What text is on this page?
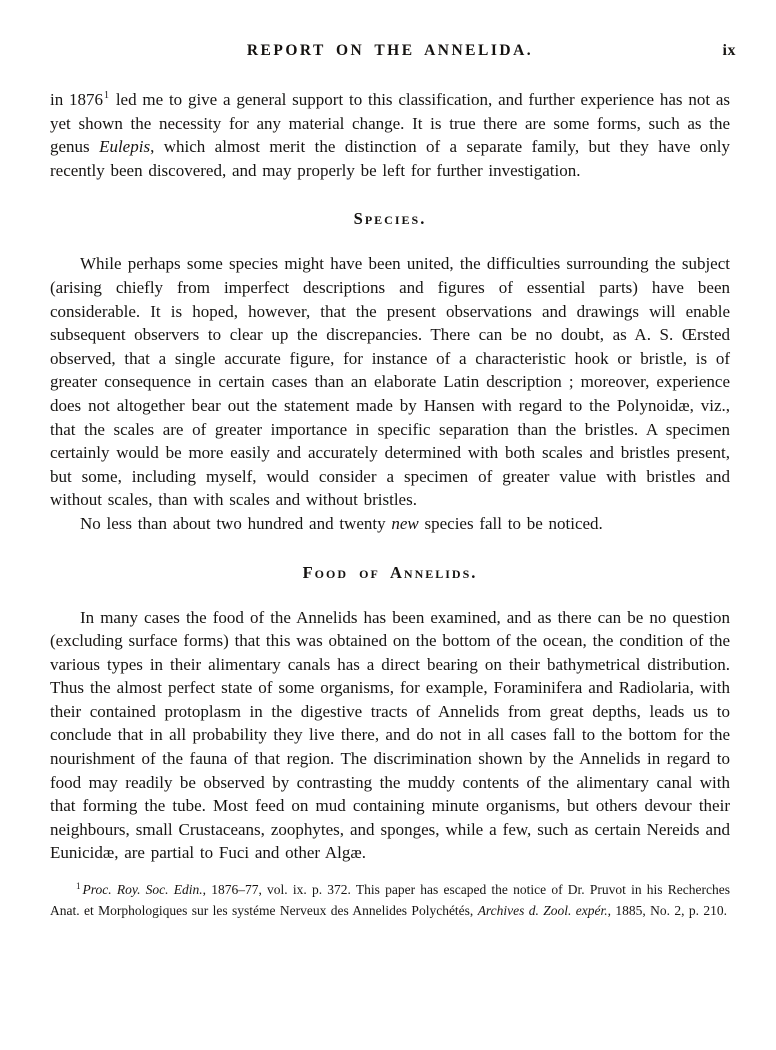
REPORT ON THE ANNELIDA.	ix

in 1876$^1$ led me to give a general support to this classification, and further experience has not as yet shown the necessity for any material change. It is true there are some forms, such as the genus Eulepis, which almost merit the distinction of a separate family, but they have only recently been discovered, and may properly be left for further investigation.

Species.

While perhaps some species might have been united, the difficulties surrounding the subject (arising chiefly from imperfect descriptions and figures of essential parts) have been considerable. It is hoped, however, that the present observations and drawings will enable subsequent observers to clear up the discrepancies. There can be no doubt, as A. S. Œrsted observed, that a single accurate figure, for instance of a characteristic hook or bristle, is of greater consequence in certain cases than an elaborate Latin description ; moreover, experience does not altogether bear out the statement made by Hansen with regard to the Polynoidæ, viz., that the scales are of greater importance in specific separation than the bristles. A specimen certainly would be more easily and accurately determined with both scales and bristles present, but some, including myself, would consider a specimen of greater value with bristles and without scales, than with scales and without bristles.

No less than about two hundred and twenty new species fall to be noticed.

Food of Annelids.

In many cases the food of the Annelids has been examined, and as there can be no question (excluding surface forms) that this was obtained on the bottom of the ocean, the condition of the various types in their alimentary canals has a direct bearing on their bathymetrical distribution. Thus the almost perfect state of some organisms, for example, Foraminifera and Radiolaria, with their contained protoplasm in the digestive tracts of Annelids from great depths, leads us to conclude that in all probability they live there, and do not in all cases fall to the bottom for the nourishment of the fauna of that region. The discrimination shown by the Annelids in regard to food may readily be observed by contrasting the muddy contents of the alimentary canal with that forming the tube. Most feed on mud containing minute organisms, but others devour their neighbours, small Crustaceans, zoophytes, and sponges, while a few, such as certain Nereids and Eunicidæ, are partial to Fuci and other Algæ.

$^1$ Proc. Roy. Soc. Edin., 1876–77, vol. ix. p. 372. This paper has escaped the notice of Dr. Pruvot in his Recherches Anat. et Morphologiques sur les systéme Nerveux des Annelides Polychétés, Archives d. Zool. expér., 1885, No. 2, p. 210.
